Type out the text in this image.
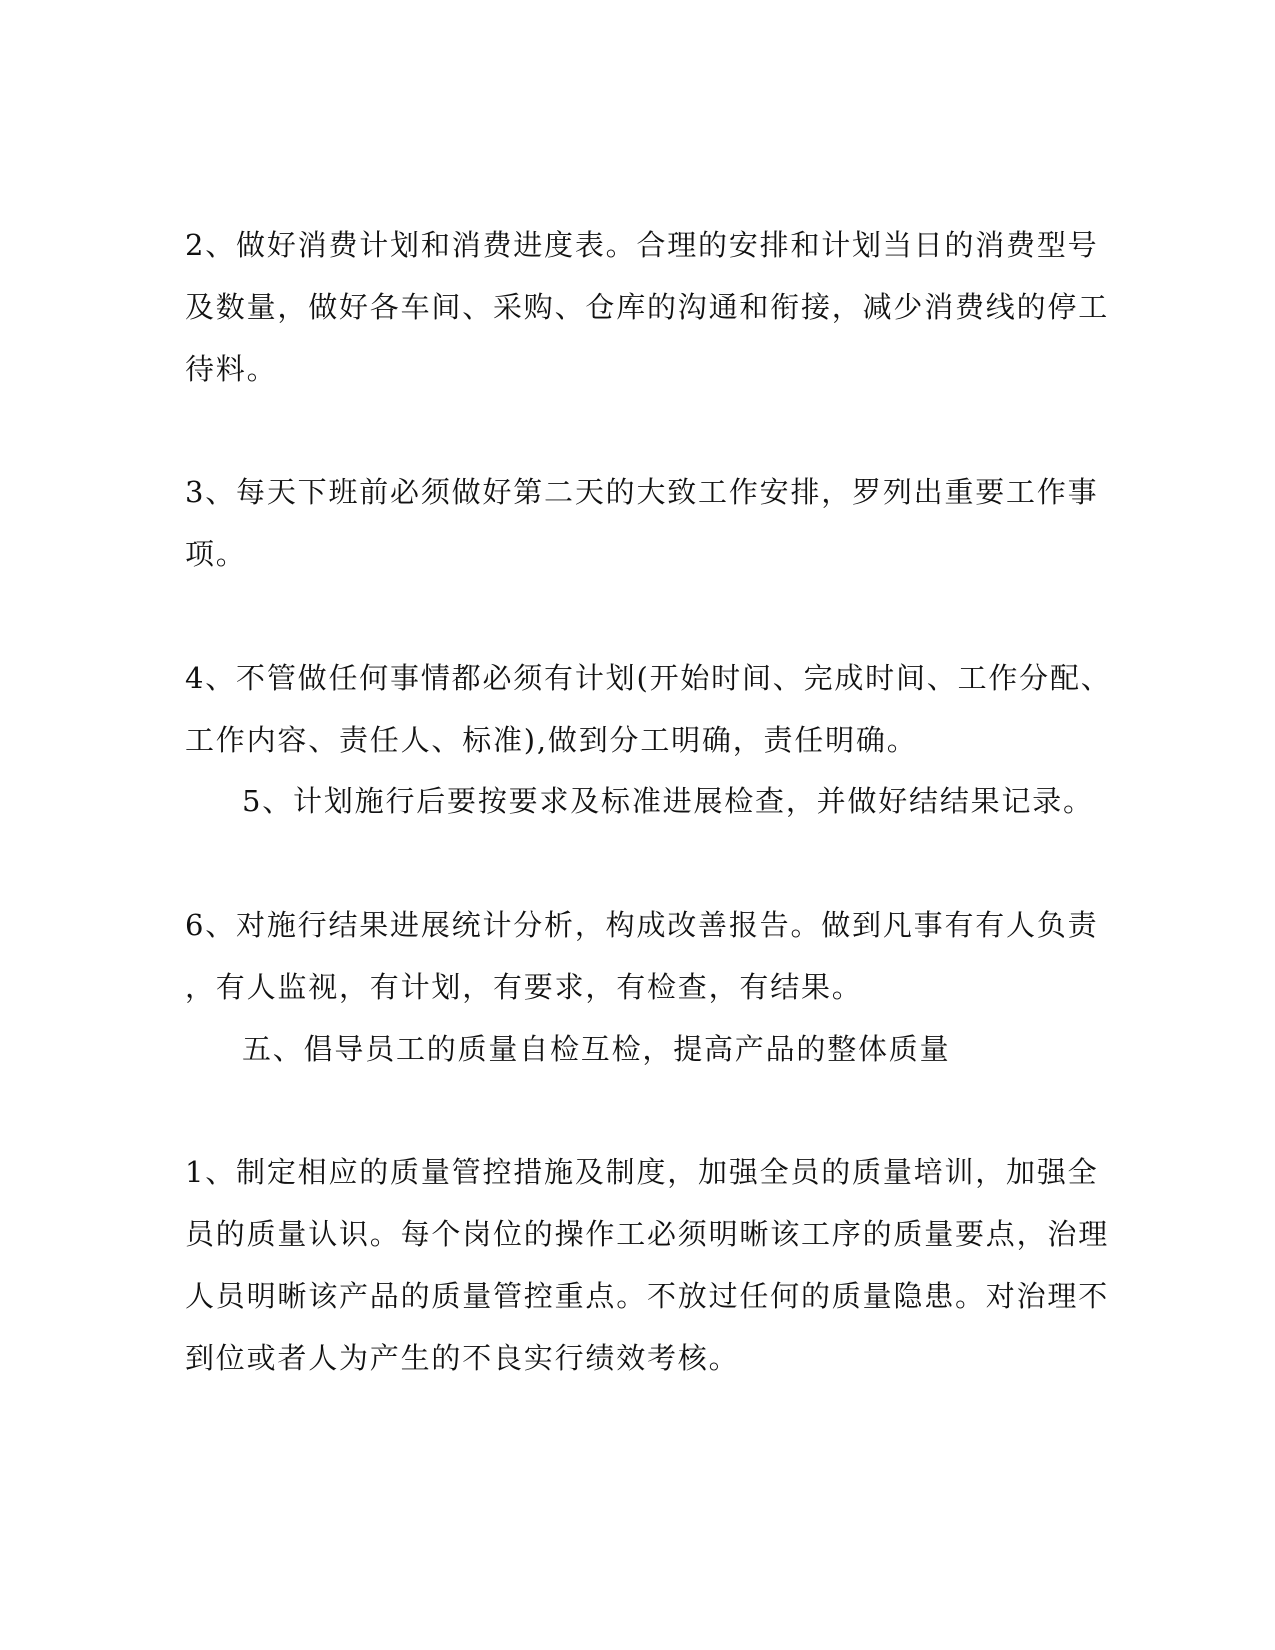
2、做好消费计划和消费进度表。合理的安排和计划当日的消费型号
及数量，做好各车间、采购、仓库的沟通和衔接，减少消费线的停工
待料。
3、每天下班前必须做好第二天的大致工作安排，罗列出重要工作事
项。
4、不管做任何事情都必须有计划(开始时间、完成时间、工作分配、
工作内容、责任人、标准),做到分工明确，责任明确。
5、计划施行后要按要求及标准进展检查，并做好结结果记录。
6、对施行结果进展统计分析，构成改善报告。做到凡事有有人负责
，有人监视，有计划，有要求，有检查，有结果。
五、倡导员工的质量自检互检，提高产品的整体质量
1、制定相应的质量管控措施及制度，加强全员的质量培训，加强全
员的质量认识。每个岗位的操作工必须明晰该工序的质量要点，治理
人员明晰该产品的质量管控重点。不放过任何的质量隐患。对治理不
到位或者人为产生的不良实行绩效考核。
